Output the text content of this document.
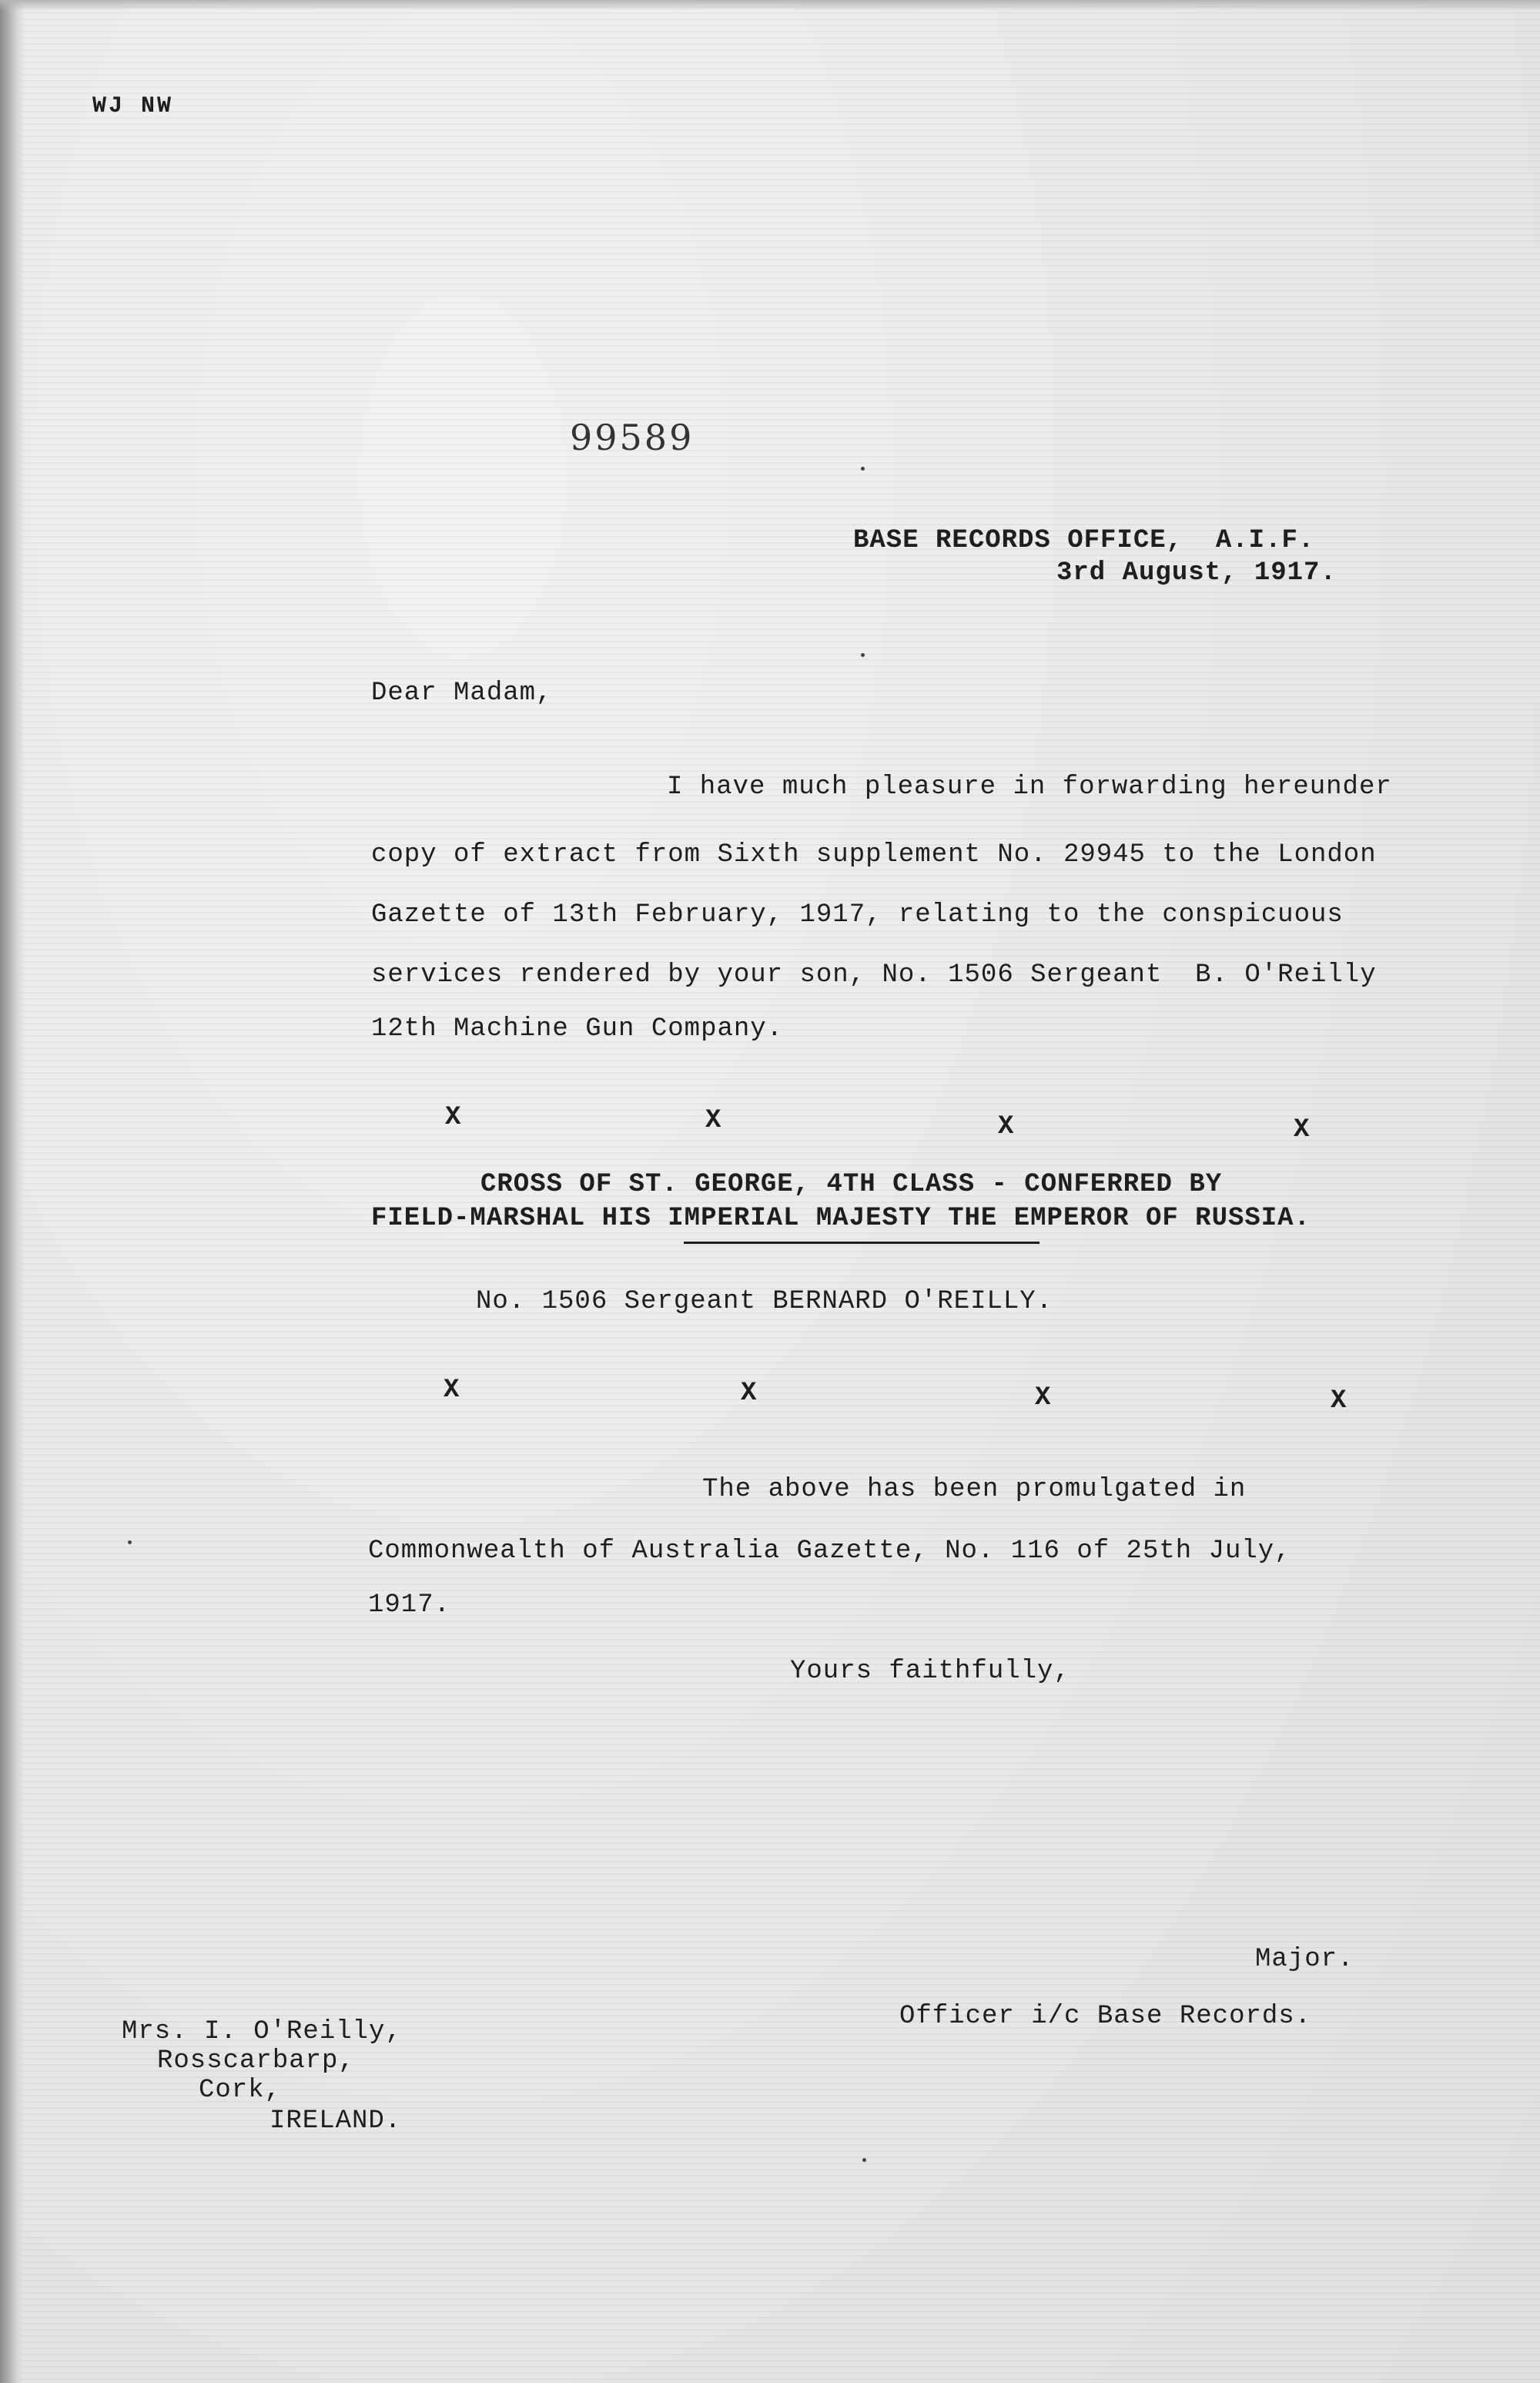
WJ NW
99589
BASE RECORDS OFFICE,  A.I.F.
3rd August, 1917.
Dear Madam,
I have much pleasure in forwarding hereunder
copy of extract from Sixth supplement No. 29945 to the London
Gazette of 13th February, 1917, relating to the conspicuous
services rendered by your son, No. 1506 Sergeant  B. O'Reilly
12th Machine Gun Company.
X	X	X	X
CROSS OF ST. GEORGE, 4TH CLASS - CONFERRED BY
FIELD-MARSHAL HIS IMPERIAL MAJESTY THE EMPEROR OF RUSSIA.
No. 1506 Sergeant BERNARD O'REILLY.
X	X	X	X
The above has been promulgated in
Commonwealth of Australia Gazette, No. 116 of 25th July,
1917.
Yours faithfully,
Major.
Officer i/c Base Records.
Mrs. I. O'Reilly,
Rosscarbarp,
Cork,
IRELAND.
